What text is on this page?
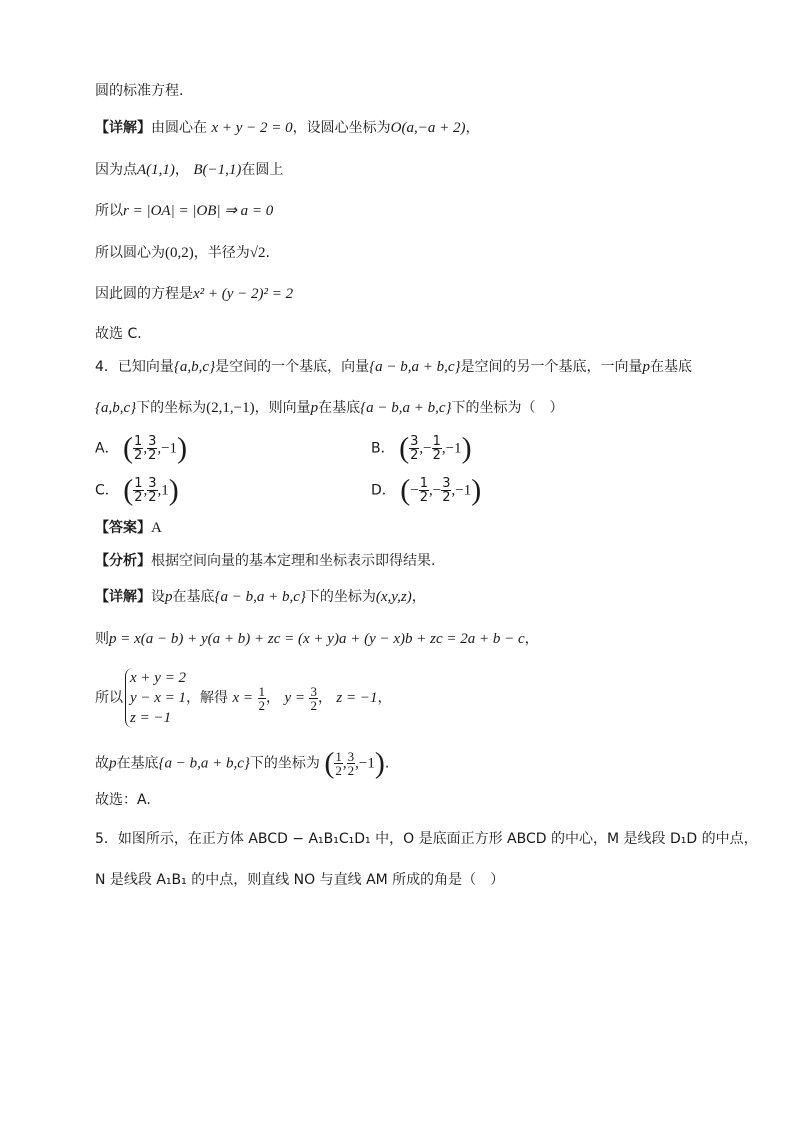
圆的标准方程.
【详解】由圆心在 x + y − 2 = 0，设圆心坐标为O(a,−a + 2)，
因为点A(1,1)， B(−1,1)在圆上
所以r = |OA| = |OB| ⇒ a = 0
所以圆心为(0,2)，半径为√2.
因此圆的方程是x² + (y − 2)² = 2
故选 C．
4．已知向量{a,b,c}是空间的一个基底，向量{a − b,a + b,c}是空间的另一个基底，一向量p在基底
{a,b,c}下的坐标为(2,1,−1)，则向量p在基底{a − b,a + b,c}下的坐标为（　）
A． ( $\frac{1}{2}$ , $\frac{3}{2} ,-1$)	B． ( $\frac{3}{2}$ ,− $\frac{1}{2} ,-1$)
C． ( $\frac{1}{2}$ , $\frac{3}{2} ,1$)	D． (− $\frac{1}{2}$ ,− $\frac{3}{2} ,-1$)
【答案】A
【分析】根据空间向量的基本定理和坐标表示即得结果.
【详解】设p在基底{a − b,a + b,c}下的坐标为(x,y,z)，
则p = x(a − b) + y(a + b) + zc = (x + y)a + (y − x)b + zc = 2a + b − c，
所以
x + y = 2
y − x = 1
z = −1
，解得 $x = \frac{1}{2}$ ， $y = \frac{3}{2}$ ， z = −1，
故p在基底{a − b,a + b,c}下的坐标为 ( $\frac{1}{2}$ , $\frac{3}{2} ,-1$).
故选：A.
5．如图所示，在正方体 ABCD − A₁B₁C₁D₁ 中，O 是底面正方形 ABCD 的中心，M 是线段 D₁D 的中点，
N 是线段 A₁B₁ 的中点，则直线 NO 与直线 AM 所成的角是（　）
